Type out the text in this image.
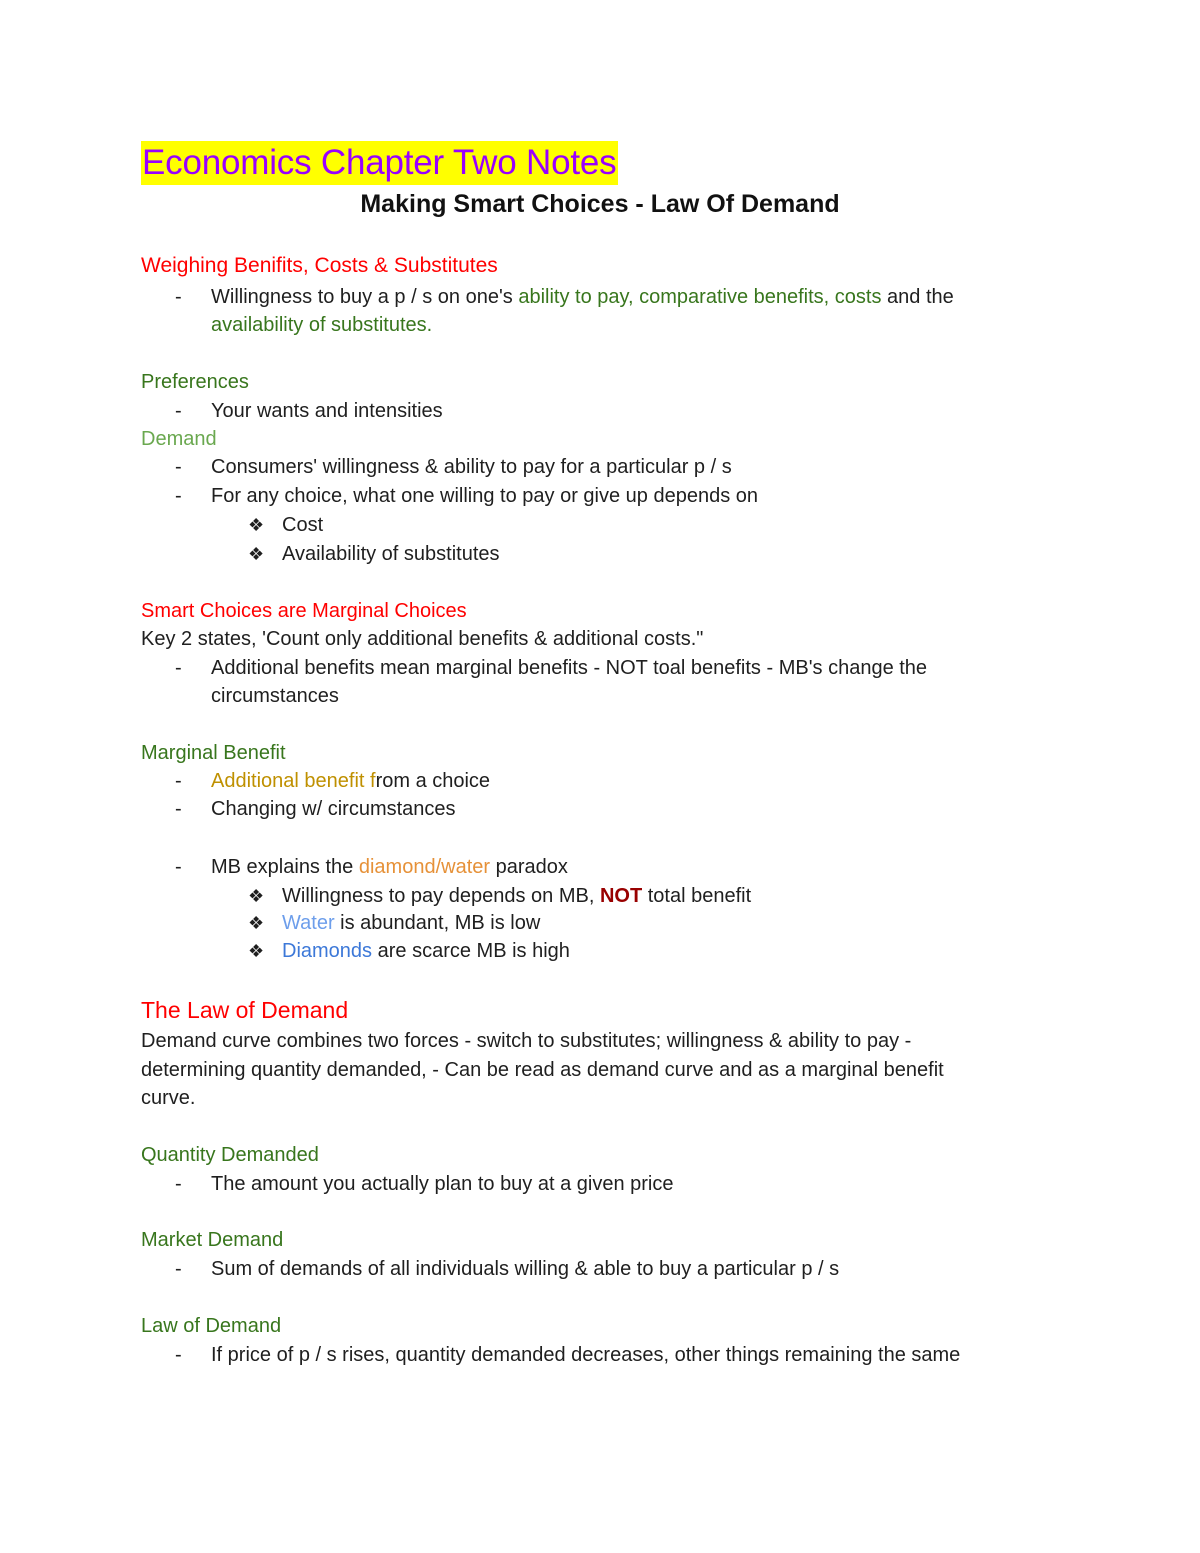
Economics Chapter Two Notes
Making Smart Choices - Law Of Demand
Weighing Benifits, Costs & Substitutes
- Willingness to buy a p / s on one's ability to pay, comparative benefits, costs and the
availability of substitutes.
Preferences
- Your wants and intensities
Demand
- Consumers' willingness & ability to pay for a particular p / s
- For any choice, what one willing to pay or give up depends on
❖ Cost
❖ Availability of substitutes
Smart Choices are Marginal Choices
Key 2 states, 'Count only additional benefits & additional costs."
- Additional benefits mean marginal benefits - NOT toal benefits - MB's change the
circumstances
Marginal Benefit
- Additional benefit from a choice
- Changing w/ circumstances
- MB explains the diamond/water paradox
❖ Willingness to pay depends on MB, NOT total benefit
❖ Water is abundant, MB is low
❖ Diamonds are scarce MB is high
The Law of Demand
Demand curve combines two forces - switch to substitutes; willingness & ability to pay -
determining quantity demanded, - Can be read as demand curve and as a marginal benefit
curve.
Quantity Demanded
- The amount you actually plan to buy at a given price
Market Demand
- Sum of demands of all individuals willing & able to buy a particular p / s
Law of Demand
- If price of p / s rises, quantity demanded decreases, other things remaining the same
